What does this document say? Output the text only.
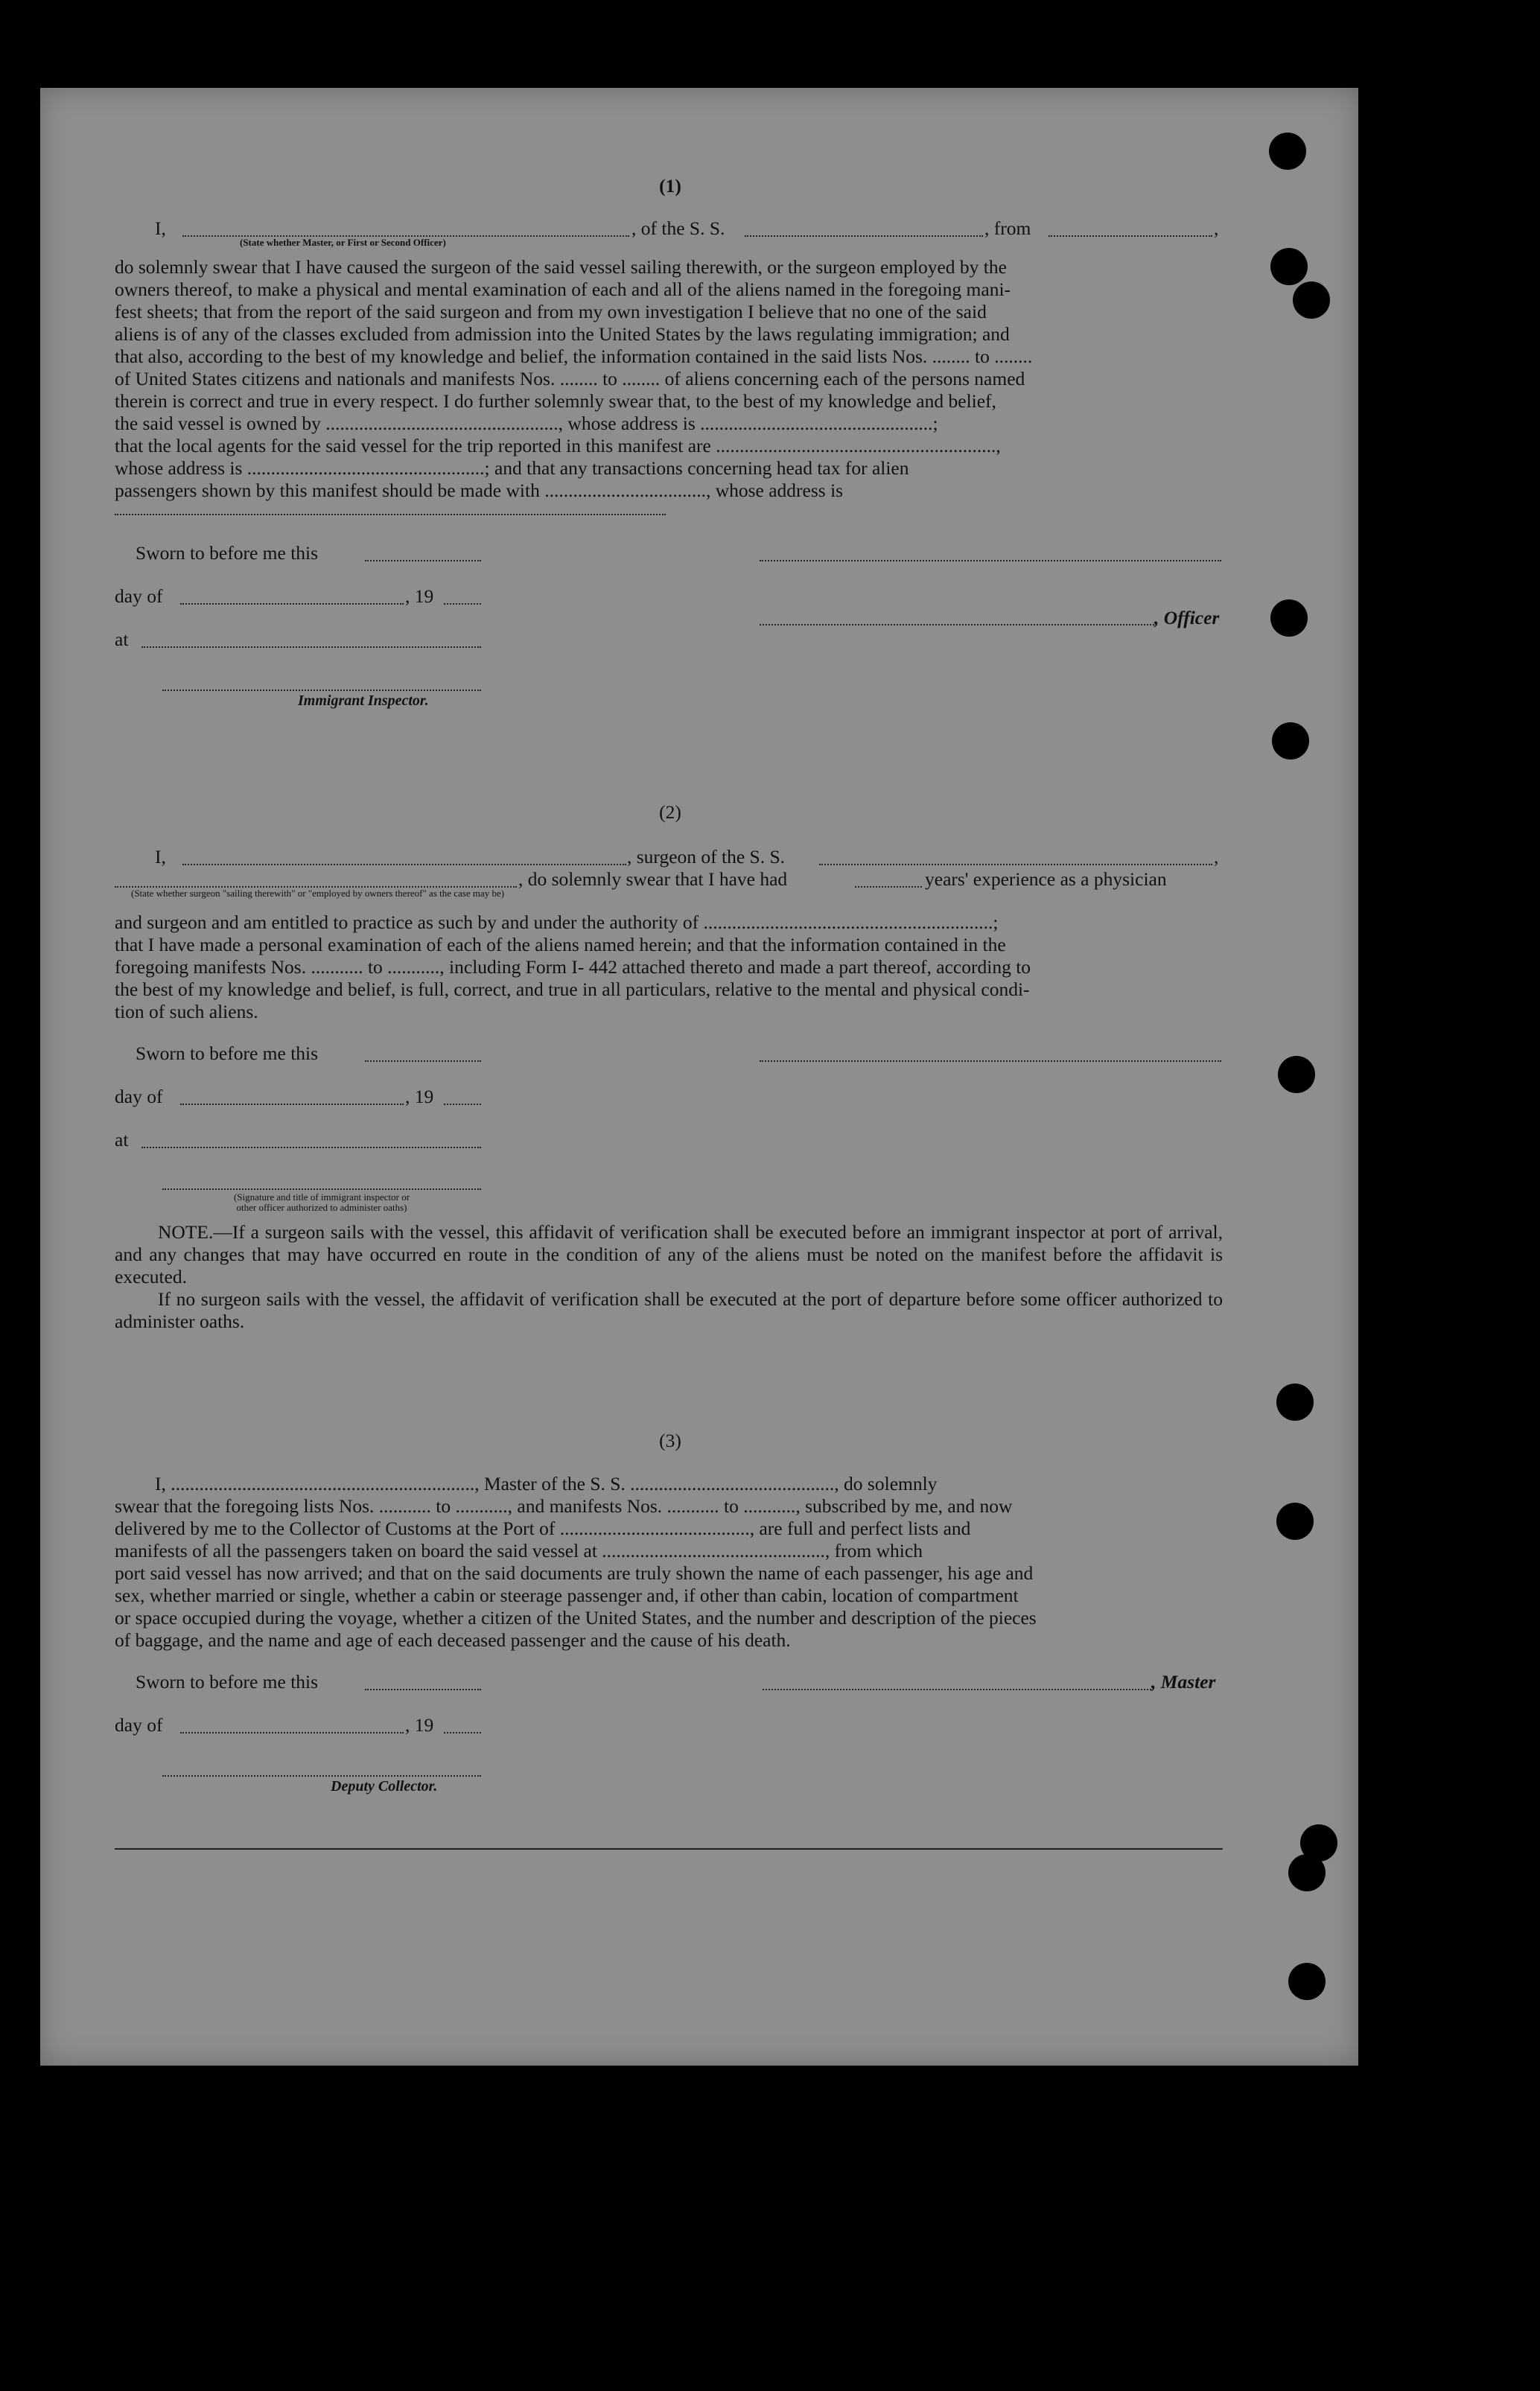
(1)
I,	, of the S. S.	, from	,
(State whether Master, or First or Second Officer)
do solemnly swear that I have caused the surgeon of the said vessel sailing therewith, or the surgeon employed by the
owners thereof, to make a physical and mental examination of each and all of the aliens named in the foregoing mani-
fest sheets; that from the report of the said surgeon and from my own investigation I believe that no one of the said
aliens is of any of the classes excluded from admission into the United States by the laws regulating immigration; and
that also, according to the best of my knowledge and belief, the information contained in the said lists Nos. ........ to ........
of United States citizens and nationals and manifests Nos. ........ to ........ of aliens concerning each of the persons named
therein is correct and true in every respect. I do further solemnly swear that, to the best of my knowledge and belief,
the said vessel is owned by ................................................., whose address is .................................................;
that the local agents for the said vessel for the trip reported in this manifest are ...........................................................,
whose address is ..................................................; and that any transactions concerning head tax for alien
passengers shown by this manifest should be made with .................................., whose address is
Sworn to before me this
day of	, 19
, Officer
at
Immigrant Inspector.
(2)
I,	, surgeon of the S. S.	,
, do solemnly swear that I have had	years' experience as a physician
(State whether surgeon "sailing therewith" or "employed by owners thereof" as the case may be)
and surgeon and am entitled to practice as such by and under the authority of .............................................................;
that I have made a personal examination of each of the aliens named herein; and that the information contained in the
foregoing manifests Nos. ........... to ..........., including Form I- 442 attached thereto and made a part thereof, according to
the best of my knowledge and belief, is full, correct, and true in all particulars, relative to the mental and physical condi-
tion of such aliens.
Sworn to before me this
day of	, 19
at
(Signature and title of immigrant inspector or
other officer authorized to administer oaths)

NOTE.—If a surgeon sails with the vessel, this affidavit of verification shall be executed before an immigrant inspector at port of arrival, and any changes that may have occurred en route in the condition of any of the aliens must be noted on the manifest before the affidavit is executed.

If no surgeon sails with the vessel, the affidavit of verification shall be executed at the port of departure before some officer authorized to administer oaths.

(3)
I, ................................................................, Master of the S. S. ..........................................., do solemnly
swear that the foregoing lists Nos. ........... to ..........., and manifests Nos. ........... to ..........., subscribed by me, and now
delivered by me to the Collector of Customs at the Port of ........................................, are full and perfect lists and
manifests of all the passengers taken on board the said vessel at ..............................................., from which
port said vessel has now arrived; and that on the said documents are truly shown the name of each passenger, his age and
sex, whether married or single, whether a cabin or steerage passenger and, if other than cabin, location of compartment
or space occupied during the voyage, whether a citizen of the United States, and the number and description of the pieces
of baggage, and the name and age of each deceased passenger and the cause of his death.
Sworn to before me this	, Master
day of	, 19
Deputy Collector.
